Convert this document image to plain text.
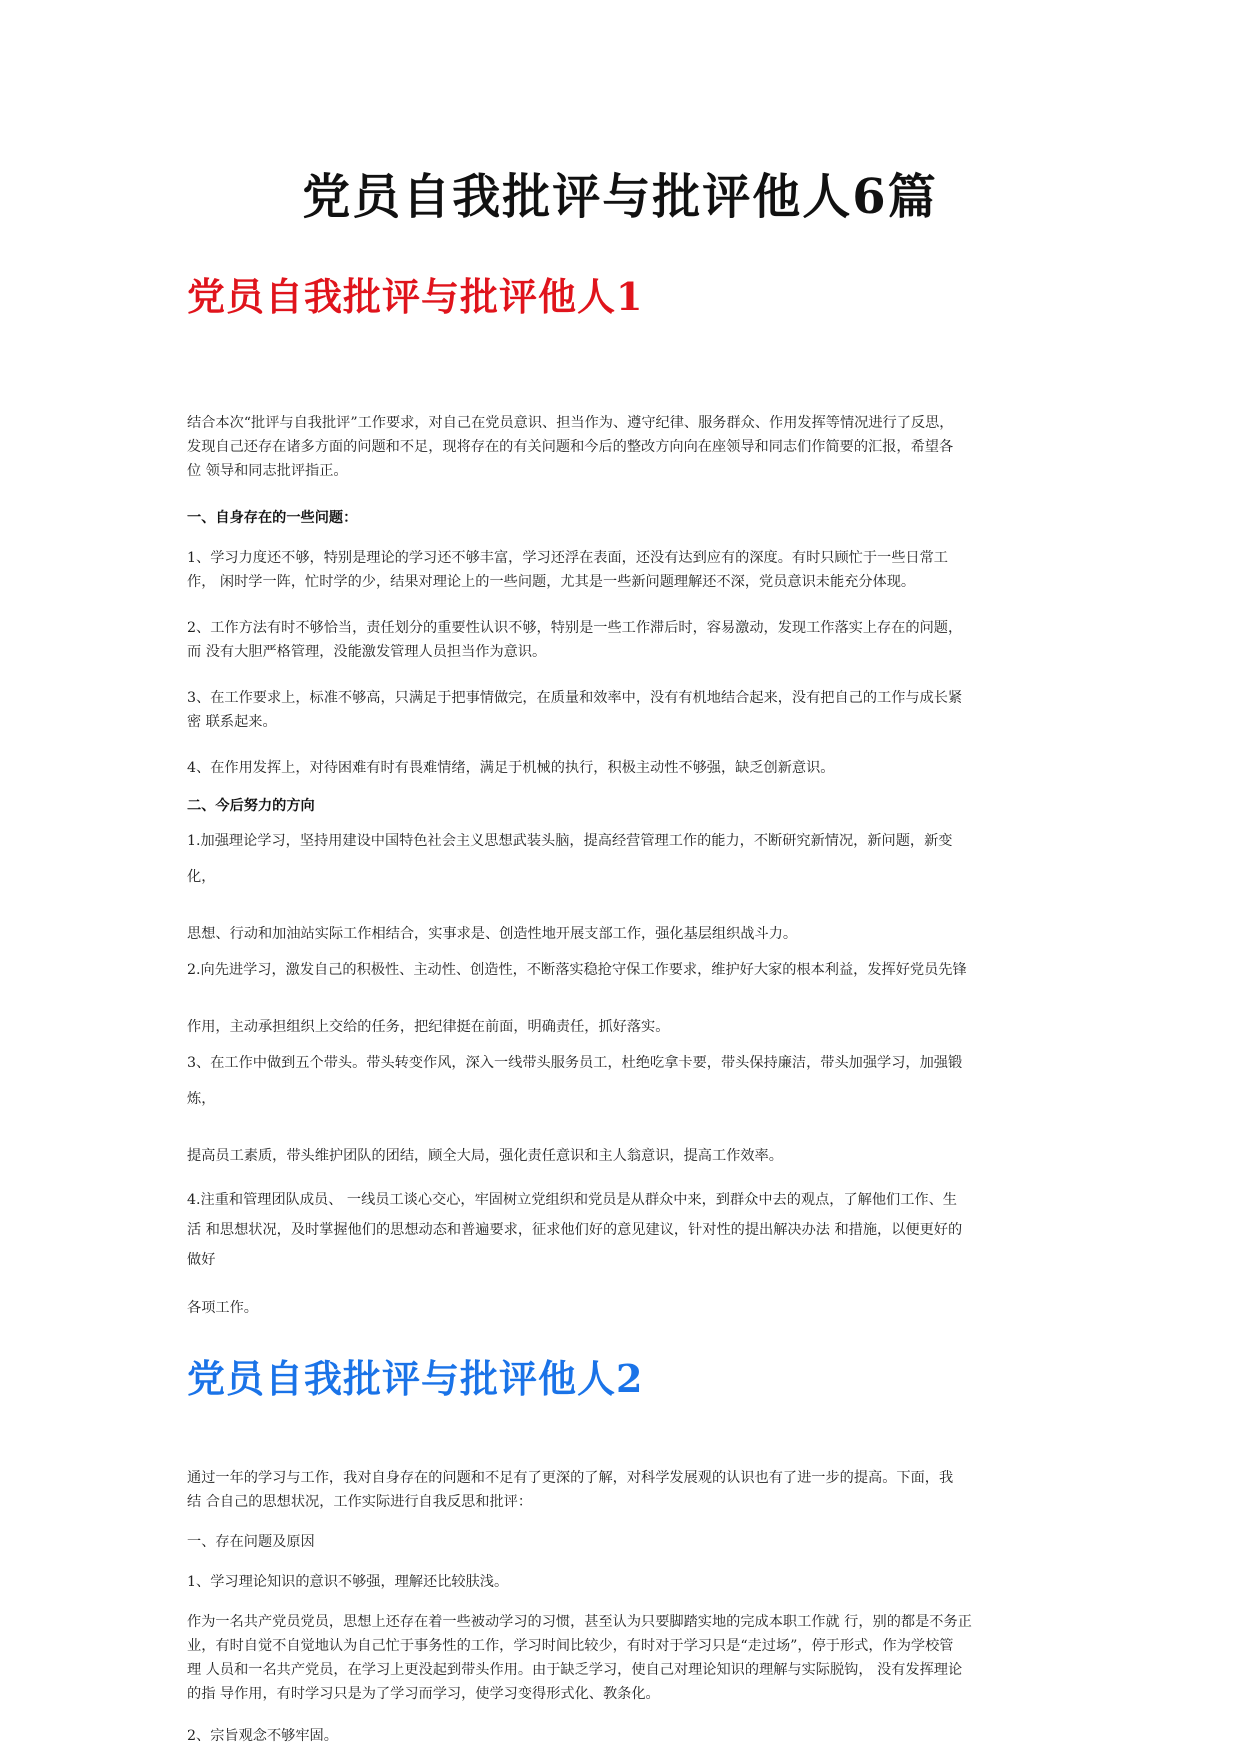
党员自我批评与批评他人6篇
党员自我批评与批评他人1
结合本次“批评与自我批评”工作要求，对自己在党员意识、担当作为、遵守纪律、服务群众、作用发挥等情况进行了反思，
发现自己还存在诸多方面的问题和不足，现将存在的有关问题和今后的整改方向向在座领导和同志们作简要的汇报，希望各
位 领导和同志批评指正。
一、自身存在的一些问题：
1、学习力度还不够，特别是理论的学习还不够丰富，学习还浮在表面，还没有达到应有的深度。有时只顾忙于一些日常工
作， 闲时学一阵，忙时学的少，结果对理论上的一些问题，尤其是一些新问题理解还不深，党员意识未能充分体现。
2、工作方法有时不够恰当，责任划分的重要性认识不够，特别是一些工作滞后时，容易激动，发现工作落实上存在的问题，
而 没有大胆严格管理，没能激发管理人员担当作为意识。
3、在工作要求上，标准不够高，只满足于把事情做完，在质量和效率中，没有有机地结合起来，没有把自己的工作与成长紧
密 联系起来。
4、在作用发挥上，对待困难有时有畏难情绪，满足于机械的执行，积极主动性不够强，缺乏创新意识。
二、今后努力的方向
1.加强理论学习，坚持用建设中国特色社会主义思想武装头脑，提高经营管理工作的能力，不断研究新情况，新问题，新变
化，
思想、行动和加油站实际工作相结合，实事求是、创造性地开展支部工作，强化基层组织战斗力。
2.向先进学习，激发自己的积极性、主动性、创造性，不断落实稳抢守保工作要求，维护好大家的根本利益，发挥好党员先锋
作用，主动承担组织上交给的任务，把纪律挺在前面，明确责任，抓好落实。
3、在工作中做到五个带头。带头转变作风，深入一线带头服务员工，杜绝吃拿卡要，带头保持廉洁，带头加强学习，加强锻
炼，
提高员工素质，带头维护团队的团结，顾全大局，强化责任意识和主人翁意识，提高工作效率。
4.注重和管理团队成员、 一线员工谈心交心，牢固树立党组织和党员是从群众中来，到群众中去的观点，了解他们工作、生
活 和思想状况，及时掌握他们的思想动态和普遍要求，征求他们好的意见建议，针对性的提出解决办法 和措施，以便更好的
做好
各项工作。
党员自我批评与批评他人2
通过一年的学习与工作，我对自身存在的问题和不足有了更深的了解，对科学发展观的认识也有了进一步的提高。下面，我
结 合自己的思想状况，工作实际进行自我反思和批评：
一、存在问题及原因
1、学习理论知识的意识不够强，理解还比较肤浅。
作为一名共产党员党员，思想上还存在着一些被动学习的习惯，甚至认为只要脚踏实地的完成本职工作就 行，别的都是不务正
业，有时自觉不自觉地认为自己忙于事务性的工作，学习时间比较少，有时对于学习只是“走过场”，停于形式，作为学校管
理 人员和一名共产党员，在学习上更没起到带头作用。由于缺乏学习，使自己对理论知识的理解与实际脱钩， 没有发挥理论
的指 导作用，有时学习只是为了学习而学习，使学习变得形式化、教条化。
2、宗旨观念不够牢固。
